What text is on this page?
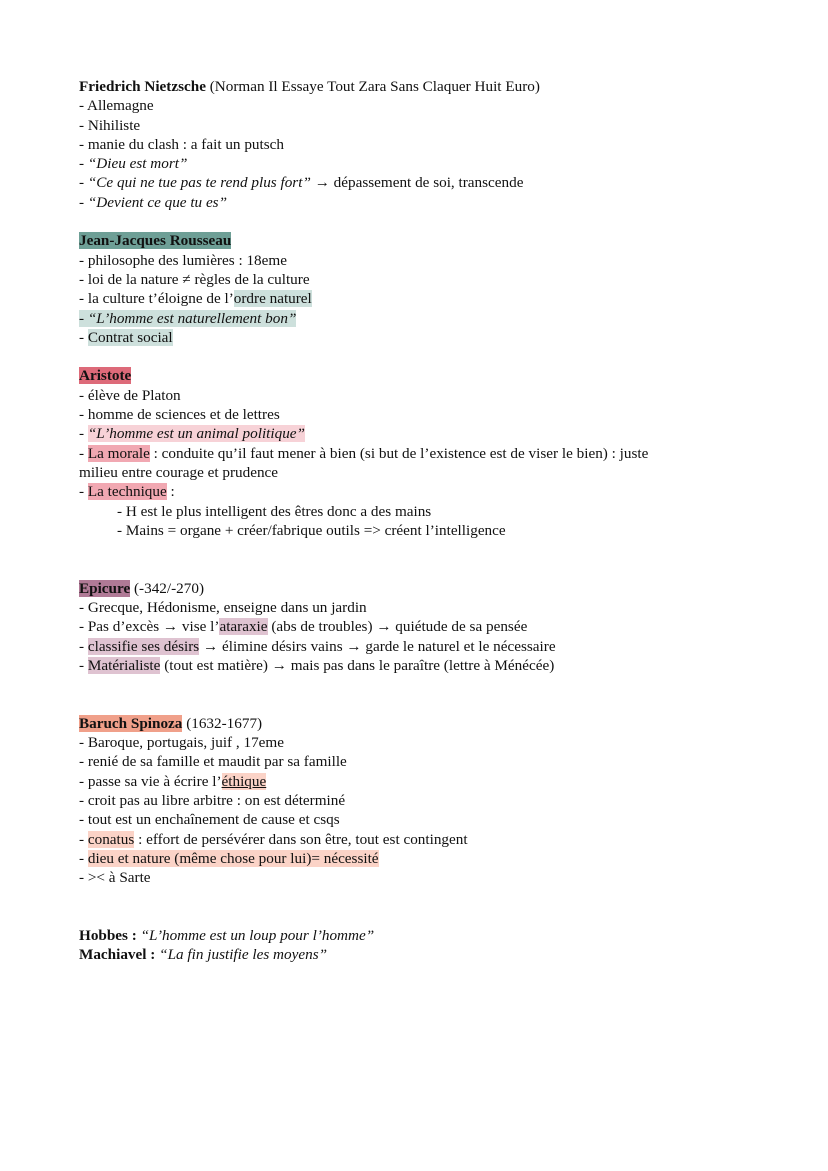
Friedrich Nietzsche (Norman Il Essaye Tout Zara Sans Claquer Huit Euro)
- Allemagne
- Nihiliste
- manie du clash : a fait un putsch
- “Dieu est mort”
- “Ce qui ne tue pas te rend plus fort” → dépassement de soi, transcende
- “Devient ce que tu es”
Jean-Jacques Rousseau
- philosophe des lumières : 18eme
- loi de la nature ≠ règles de la culture
- la culture t’éloigne de l’ordre naturel
- “L’homme est naturellement bon”
- Contrat social
Aristote
- élève de Platon
- homme de sciences et de lettres
- “L’homme est un animal politique”
- La morale : conduite qu’il faut mener à bien (si but de l’existence est de viser le bien) : juste
milieu entre courage et prudence
- La technique :
- H est le plus intelligent des êtres donc a des mains
- Mains = organe + créer/fabrique outils => créent l’intelligence
Epicure (-342/-270)
- Grecque, Hédonisme, enseigne dans un jardin
- Pas d’excès → vise l’ataraxie (abs de troubles) → quiétude de sa pensée
- classifie ses désirs → élimine désirs vains → garde le naturel et le nécessaire
- Matérialiste (tout est matière) → mais pas dans le paraître (lettre à Ménécée)
Baruch Spinoza (1632-1677)
- Baroque, portugais, juif , 17eme
- renié de sa famille et maudit par sa famille
- passe sa vie à écrire l’éthique
- croit pas au libre arbitre : on est déterminé
- tout est un enchaînement de cause et csqs
- conatus : effort de persévérer dans son être, tout est contingent
- dieu et nature (même chose pour lui)= nécessité
- >< à Sarte
Hobbes : “L’homme est un loup pour l’homme”
Machiavel : “La fin justifie les moyens”
